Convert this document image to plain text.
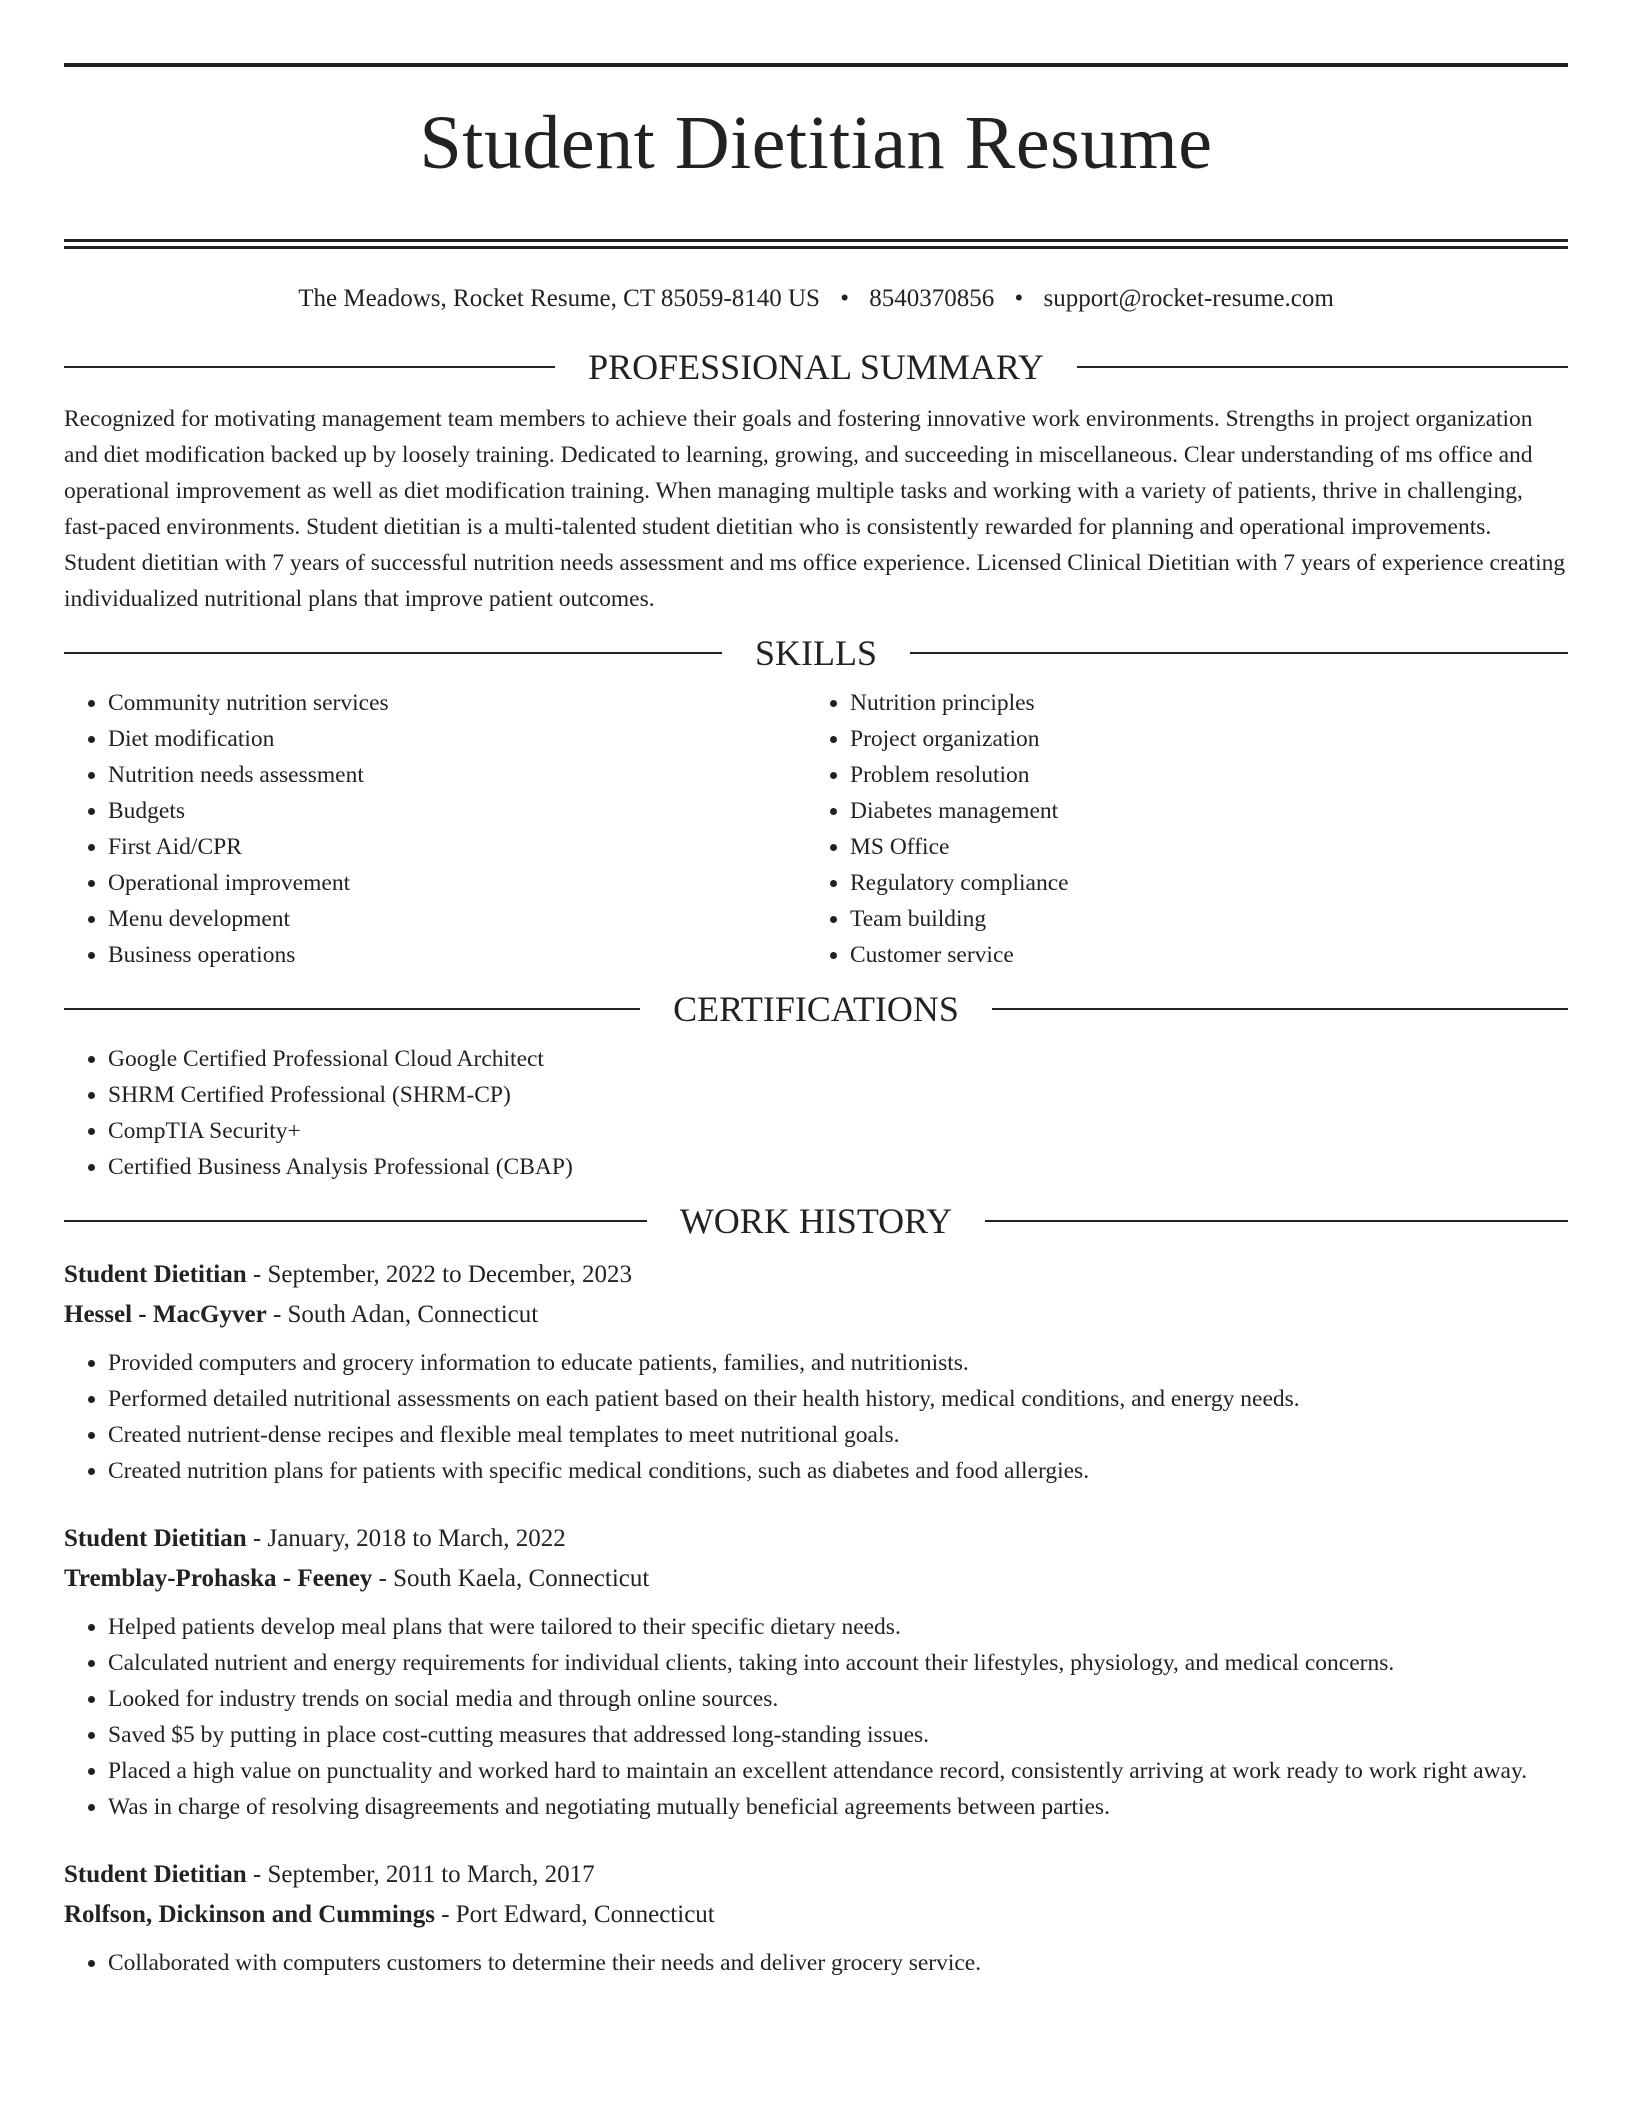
Student Dietitian Resume
The Meadows, Rocket Resume, CT 85059-8140 US • 8540370856 • support@rocket-resume.com
PROFESSIONAL SUMMARY
Recognized for motivating management team members to achieve their goals and fostering innovative work environments. Strengths in project organization and diet modification backed up by loosely training. Dedicated to learning, growing, and succeeding in miscellaneous. Clear understanding of ms office and operational improvement as well as diet modification training. When managing multiple tasks and working with a variety of patients, thrive in challenging, fast-paced environments. Student dietitian is a multi-talented student dietitian who is consistently rewarded for planning and operational improvements. Student dietitian with 7 years of successful nutrition needs assessment and ms office experience. Licensed Clinical Dietitian with 7 years of experience creating individualized nutritional plans that improve patient outcomes.
SKILLS
• Community nutrition services
• Diet modification
• Nutrition needs assessment
• Budgets
• First Aid/CPR
• Operational improvement
• Menu development
• Business operations
• Nutrition principles
• Project organization
• Problem resolution
• Diabetes management
• MS Office
• Regulatory compliance
• Team building
• Customer service
CERTIFICATIONS
• Google Certified Professional Cloud Architect
• SHRM Certified Professional (SHRM-CP)
• CompTIA Security+
• Certified Business Analysis Professional (CBAP)
WORK HISTORY
Student Dietitian - September, 2022 to December, 2023
Hessel - MacGyver - South Adan, Connecticut
• Provided computers and grocery information to educate patients, families, and nutritionists.
• Performed detailed nutritional assessments on each patient based on their health history, medical conditions, and energy needs.
• Created nutrient-dense recipes and flexible meal templates to meet nutritional goals.
• Created nutrition plans for patients with specific medical conditions, such as diabetes and food allergies.
Student Dietitian - January, 2018 to March, 2022
Tremblay-Prohaska - Feeney - South Kaela, Connecticut
• Helped patients develop meal plans that were tailored to their specific dietary needs.
• Calculated nutrient and energy requirements for individual clients, taking into account their lifestyles, physiology, and medical concerns.
• Looked for industry trends on social media and through online sources.
• Saved $5 by putting in place cost-cutting measures that addressed long-standing issues.
• Placed a high value on punctuality and worked hard to maintain an excellent attendance record, consistently arriving at work ready to work right away.
• Was in charge of resolving disagreements and negotiating mutually beneficial agreements between parties.
Student Dietitian - September, 2011 to March, 2017
Rolfson, Dickinson and Cummings - Port Edward, Connecticut
• Collaborated with computers customers to determine their needs and deliver grocery service.
